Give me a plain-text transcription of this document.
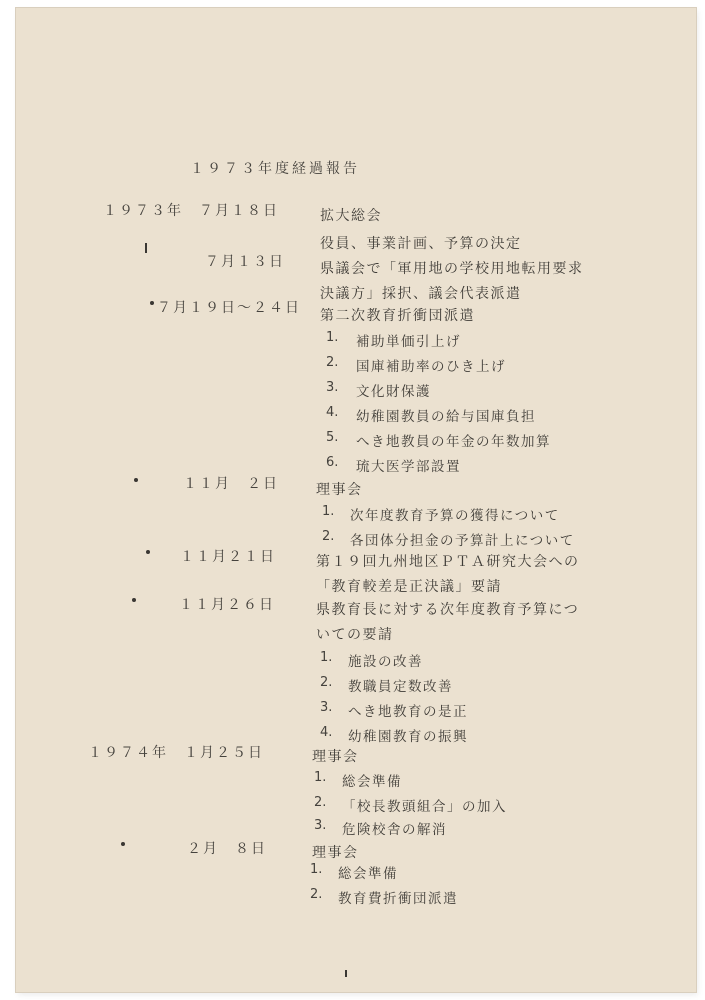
１９７３年度経過報告
１９７３年　７月１８日	拡大総会
役員、事業計画、予算の決定
７月１３日	県議会で「軍用地の学校用地転用要求
決議方」採択、議会代表派遣
７月１９日～２４日 第二次教育折衝団派遣
1. 補助単価引上げ
2. 国庫補助率のひき上げ
3. 文化財保護
4. 幼稚園教員の給与国庫負担
5. へき地教員の年金の年数加算
6. 琉大医学部設置
１１月　２日	理事会
1. 次年度教育予算の獲得について
2. 各団体分担金の予算計上について
１１月２１日	第１９回九州地区ＰＴＡ研究大会への
「教育較差是正決議」要請
１１月２６日	県教育長に対する次年度教育予算につ
いての要請
1. 施設の改善
2. 教職員定数改善
3. へき地教育の是正
4. 幼稚園教育の振興
１９７４年　１月２５日	理事会
1. 総会準備
2. 「校長教頭組合」の加入
3. 危険校舎の解消
２月　８日	理事会
1. 総会準備
2. 教育費折衝団派遣
